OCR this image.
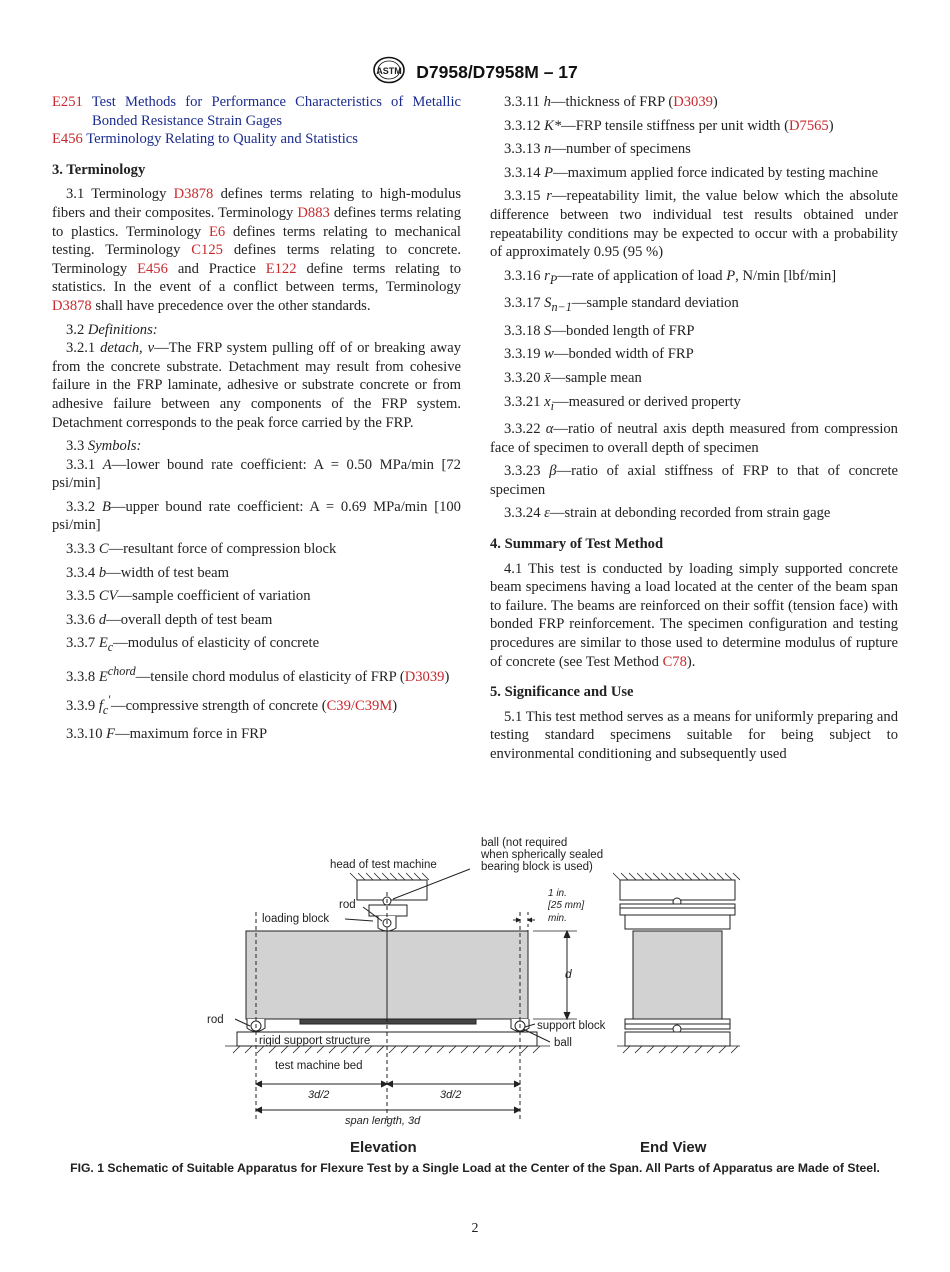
ASTM D7958/D7958M – 17

E251 Test Methods for Performance Characteristics of Metallic Bonded Resistance Strain Gages

E456 Terminology Relating to Quality and Statistics

3. Terminology

3.1 Terminology D3878 defines terms relating to high-modulus fibers and their composites. Terminology D883 defines terms relating to plastics. Terminology E6 defines terms relating to mechanical testing. Terminology C125 defines terms relating to concrete. Terminology E456 and Practice E122 define terms relating to statistics. In the event of a conflict between terms, Terminology D3878 shall have precedence over the other standards.

3.2 Definitions:

3.2.1 detach, v—The FRP system pulling off of or breaking away from the concrete substrate. Detachment may result from cohesive failure in the FRP laminate, adhesive or substrate concrete or from adhesive failure between any components of the FRP system. Detachment corresponds to the peak force carried by the FRP.

3.3 Symbols:

3.3.1 A—lower bound rate coefficient: A = 0.50 MPa/min [72 psi/min]

3.3.2 B—upper bound rate coefficient: A = 0.69 MPa/min [100 psi/min]

3.3.3 C—resultant force of compression block

3.3.4 b—width of test beam

3.3.5 CV—sample coefficient of variation

3.3.6 d—overall depth of test beam

3.3.7 $E_c—modulus$ of elasticity of concrete

3.3.8 $E^{chord}—tensile$ chord modulus of elasticity of FRP (D3039)

3.3.9 $f_c'—compressive$ strength of concrete (C39/C39M)

3.3.10 F—maximum force in FRP

3.3.11 h—thickness of FRP (D3039)

3.3.12 K*—FRP tensile stiffness per unit width (D7565)

3.3.13 n—number of specimens

3.3.14 P—maximum applied force indicated by testing machine

3.3.15 r—repeatability limit, the value below which the absolute difference between two individual test results obtained under repeatability conditions may be expected to occur with a probability of approximately 0.95 (95 %)

3.3.16 $r_P—rate$ of application of load P, N/min [lbf/min]

3.3.17 $S_{n-1}—sample$ standard deviation

3.3.18 S—bonded length of FRP

3.3.19 w—bonded width of FRP

3.3.20 x̄—sample mean

3.3.21 $x_i—measured$ or derived property

3.3.22 α—ratio of neutral axis depth measured from compression face of specimen to overall depth of specimen

3.3.23 β—ratio of axial stiffness of FRP to that of concrete specimen

3.3.24 ε—strain at debonding recorded from strain gage

4. Summary of Test Method

4.1 This test is conducted by loading simply supported concrete beam specimens having a load located at the center of the beam span to failure. The beams are reinforced on their soffit (tension face) with bonded FRP reinforcement. The specimen configuration and testing procedures are similar to those used to determine modulus of rupture of concrete (see Test Method C78).

5. Significance and Use

5.1 This test method serves as a means for uniformly preparing and testing standard specimens suitable for being subject to environmental conditioning and subsequently used

ball (not required
when spherically sealed
bearing block is used)
head of test machine
rod
loading block
1 in.
[25 mm]
min.
d
rod	support block
rigid support structure	ball
test machine bed
3d/2	3d/2
span length, 3d
Elevation	End View
FIG. 1 Schematic of Suitable Apparatus for Flexure Test by a Single Load at the Center of the Span. All Parts of Apparatus are Made of Steel.
2
